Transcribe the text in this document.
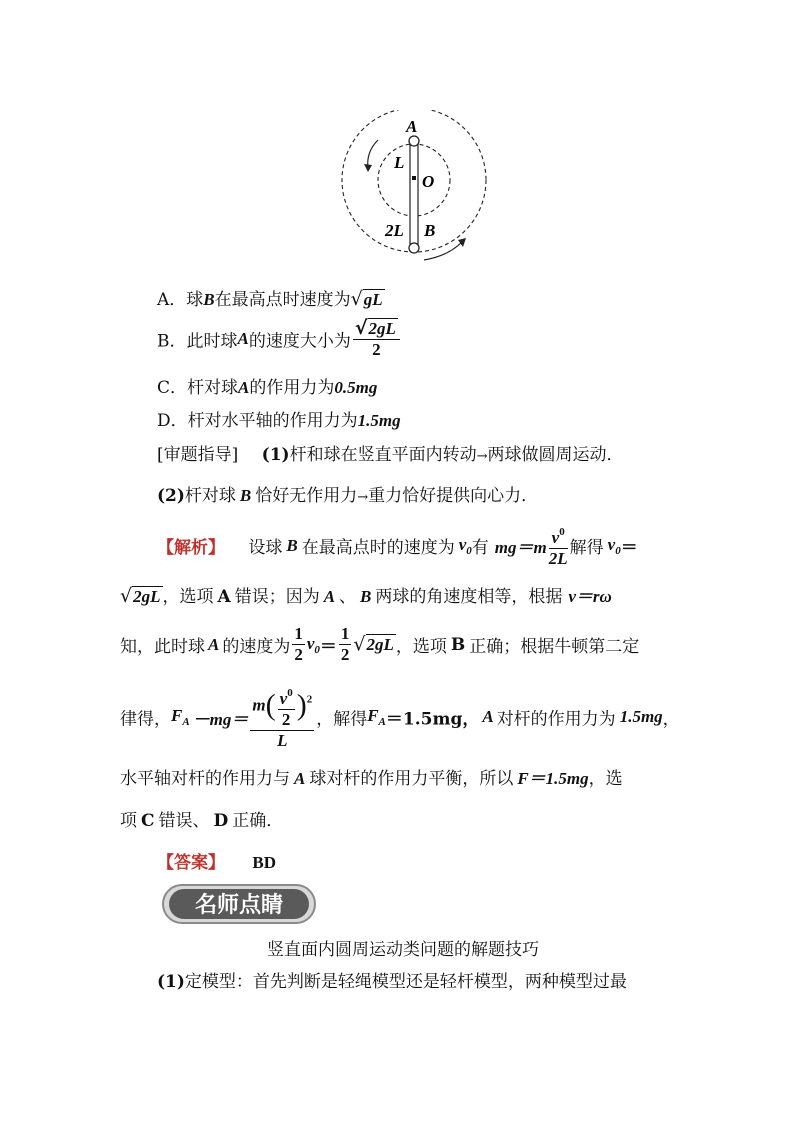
A
L
O
2L B
A．球B在最高点时速度为√gL
B．此时球A的速度大小为 $\frac{√2gL}{2}$
C．杆对球A的作用力为0.5mg
D．杆对水平轴的作用力为1.5mg
[审题指导] (1)杆和球在竖直平面内转动→两球做圆周运动．
(2)杆对球 B 恰好无作用力→重力恰好提供向心力．
【解析】 设球 B 在最高点时的速度为 $v_0$有 $mg=m \frac{v^0}{2L}$ 解得 $v_0=$
√2gL ，选项 A 错误；因为 A 、 B 两球的角速度相等，根据 v＝rω
知，此时球 A 的速度为 $\frac{1}{2} v_0= \frac{1}{2} √2gL$ ，选项 B 正确；根据牛顿第二定
律得，$F_A -mg= \frac{m( \frac{v^0}{2} )^2}{L}$ ，解得$F_A=1.5mg$， A 对杆的作用力为 1.5mg，
水平轴对杆的作用力与 A 球对杆的作用力平衡，所以 F＝1.5mg，选
项 C 错误、 D 正确．
【答案】 BD
名师点睛
竖直面内圆周运动类问题的解题技巧
(1)定模型：首先判断是轻绳模型还是轻杆模型，两种模型过最
